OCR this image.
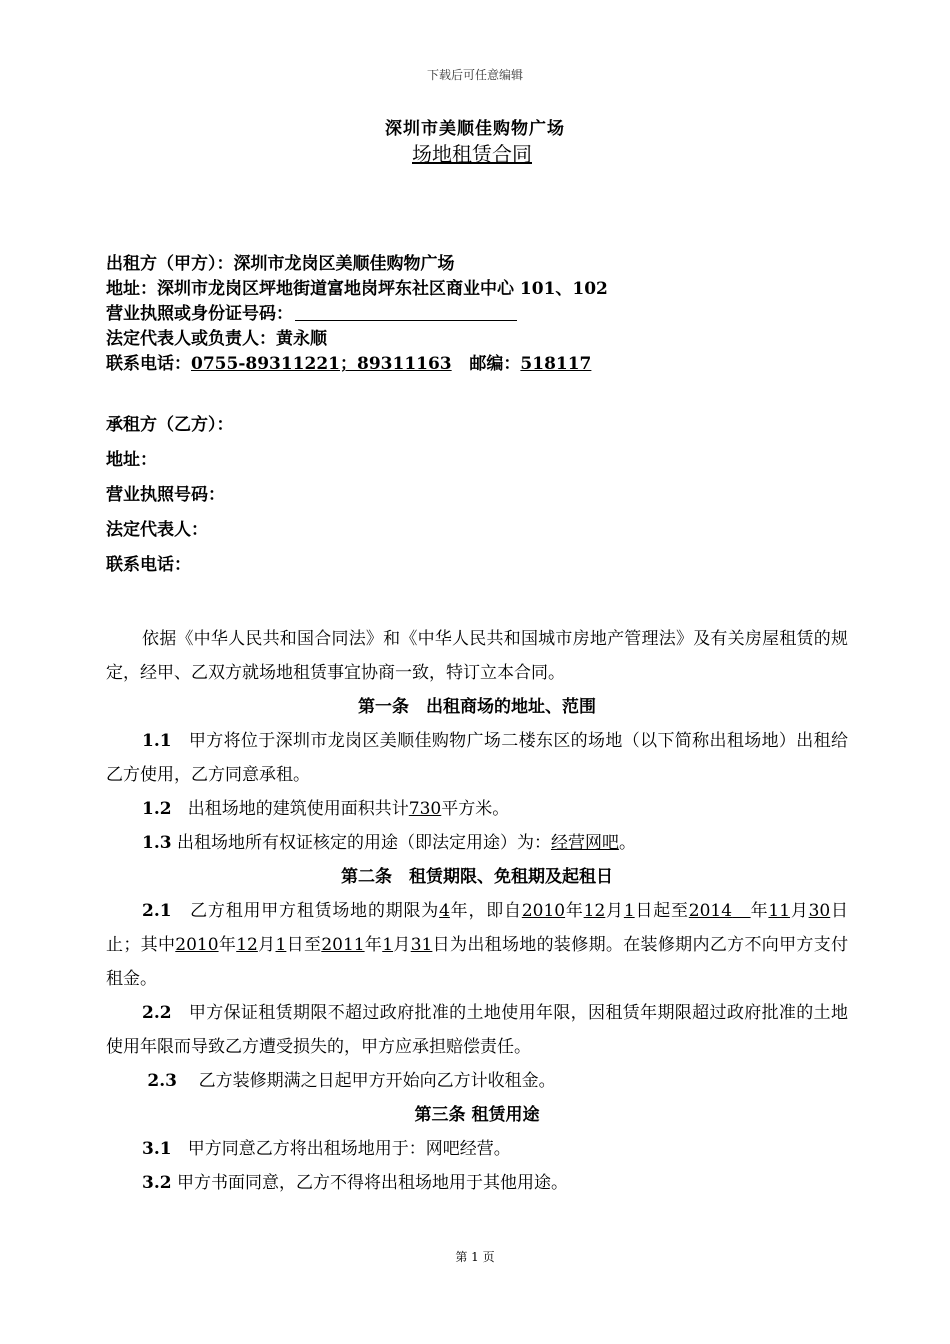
下载后可任意编辑
深圳市美顺佳购物广场
场地租赁合同
出租方（甲方）：深圳市龙岗区美顺佳购物广场
地址：深圳市龙岗区坪地街道富地岗坪东社区商业中心 101、102
营业执照或身份证号码：
法定代表人或负责人：黄永顺
联系电话：0755-89311221；89311163 邮编：518117
承租方（乙方）：
地址：
营业执照号码：
法定代表人：
联系电话：
依据《中华人民共和国合同法》和《中华人民共和国城市房地产管理法》及有关房屋租赁的规定，经甲、乙双方就场地租赁事宜协商一致，特订立本合同。
第一条　出租商场的地址、范围
1.1 甲方将位于深圳市龙岗区美顺佳购物广场二楼东区的场地（以下简称出租场地）出租给乙方使用，乙方同意承租。
1.2 出租场地的建筑使用面积共计730平方米。
1.3 出租场地所有权证核定的用途（即法定用途）为：经营网吧。
第二条　租赁期限、免租期及起租日
2.1 乙方租用甲方租赁场地的期限为4年，即自2010年12月1日起至2014 年11月30日止；其中2010年12月1日至2011年1月31日为出租场地的装修期。在装修期内乙方不向甲方支付租金。
2.2 甲方保证租赁期限不超过政府批准的土地使用年限，因租赁年期限超过政府批准的土地使用年限而导致乙方遭受损失的，甲方应承担赔偿责任。
2.3 乙方装修期满之日起甲方开始向乙方计收租金。
第三条 租赁用途
3.1 甲方同意乙方将出租场地用于：网吧经营。
3.2 甲方书面同意，乙方不得将出租场地用于其他用途。
第 1 页
